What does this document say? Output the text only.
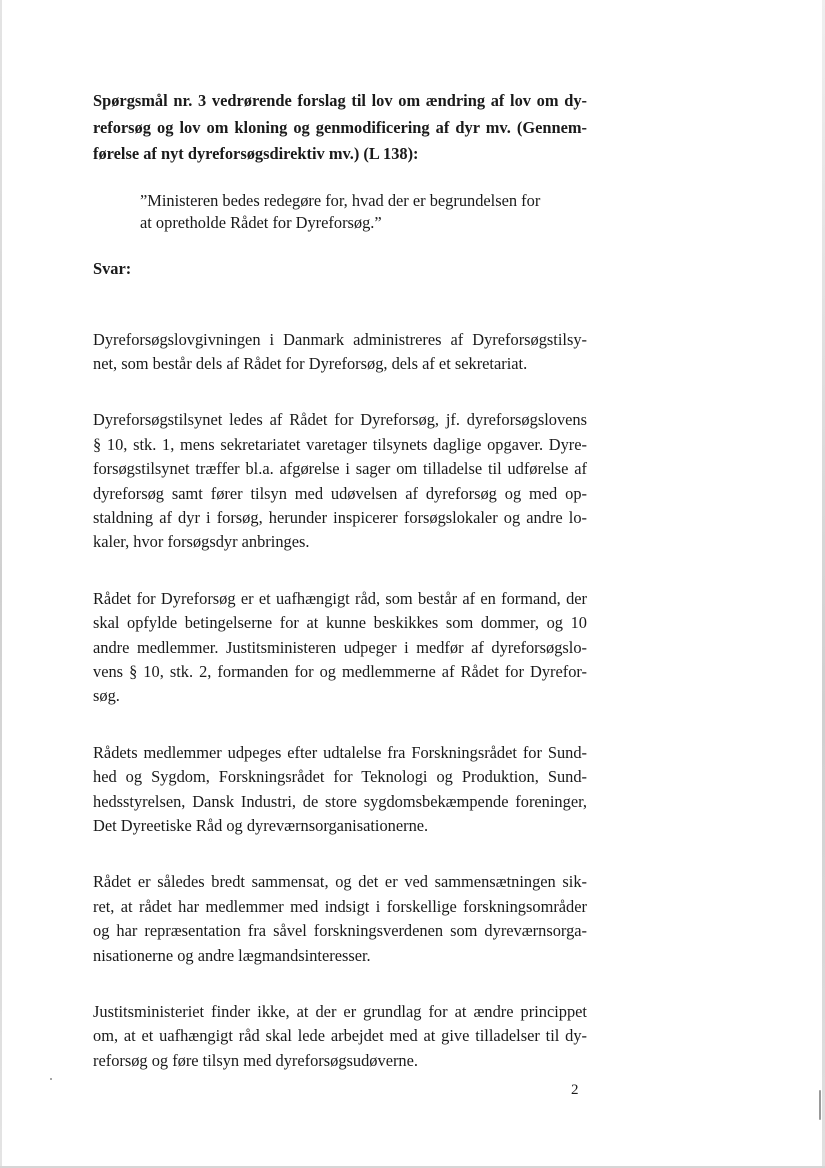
Spørgsmål nr. 3 vedrørende forslag til lov om ændring af lov om dy-
reforsøg og lov om kloning og genmodificering af dyr mv. (Gennem-
førelse af nyt dyreforsøgsdirektiv mv.) (L 138):
”Ministeren bedes redegøre for, hvad der er begrundelsen for
at opretholde Rådet for Dyreforsøg.”
Svar:
Dyreforsøgslovgivningen i Danmark administreres af Dyreforsøgstilsy-
net, som består dels af Rådet for Dyreforsøg, dels af et sekretariat.
Dyreforsøgstilsynet ledes af Rådet for Dyreforsøg, jf. dyreforsøgslovens
§ 10, stk. 1, mens sekretariatet varetager tilsynets daglige opgaver. Dyre-
forsøgstilsynet træffer bl.a. afgørelse i sager om tilladelse til udførelse af
dyreforsøg samt fører tilsyn med udøvelsen af dyreforsøg og med op-
staldning af dyr i forsøg, herunder inspicerer forsøgslokaler og andre lo-
kaler, hvor forsøgsdyr anbringes.
Rådet for Dyreforsøg er et uafhængigt råd, som består af en formand, der
skal opfylde betingelserne for at kunne beskikkes som dommer, og 10
andre medlemmer. Justitsministeren udpeger i medfør af dyreforsøgslo-
vens § 10, stk. 2, formanden for og medlemmerne af Rådet for Dyrefor-
søg.
Rådets medlemmer udpeges efter udtalelse fra Forskningsrådet for Sund-
hed og Sygdom, Forskningsrådet for Teknologi og Produktion, Sund-
hedsstyrelsen, Dansk Industri, de store sygdomsbekæmpende foreninger,
Det Dyreetiske Råd og dyreværnsorganisationerne.
Rådet er således bredt sammensat, og det er ved sammensætningen sik-
ret, at rådet har medlemmer med indsigt i forskellige forskningsområder
og har repræsentation fra såvel forskningsverdenen som dyreværnsorga-
nisationerne og andre lægmandsinteresser.
Justitsministeriet finder ikke, at der er grundlag for at ændre princippet
om, at et uafhængigt råd skal lede arbejdet med at give tilladelser til dy-
reforsøg og føre tilsyn med dyreforsøgsudøverne.
2
